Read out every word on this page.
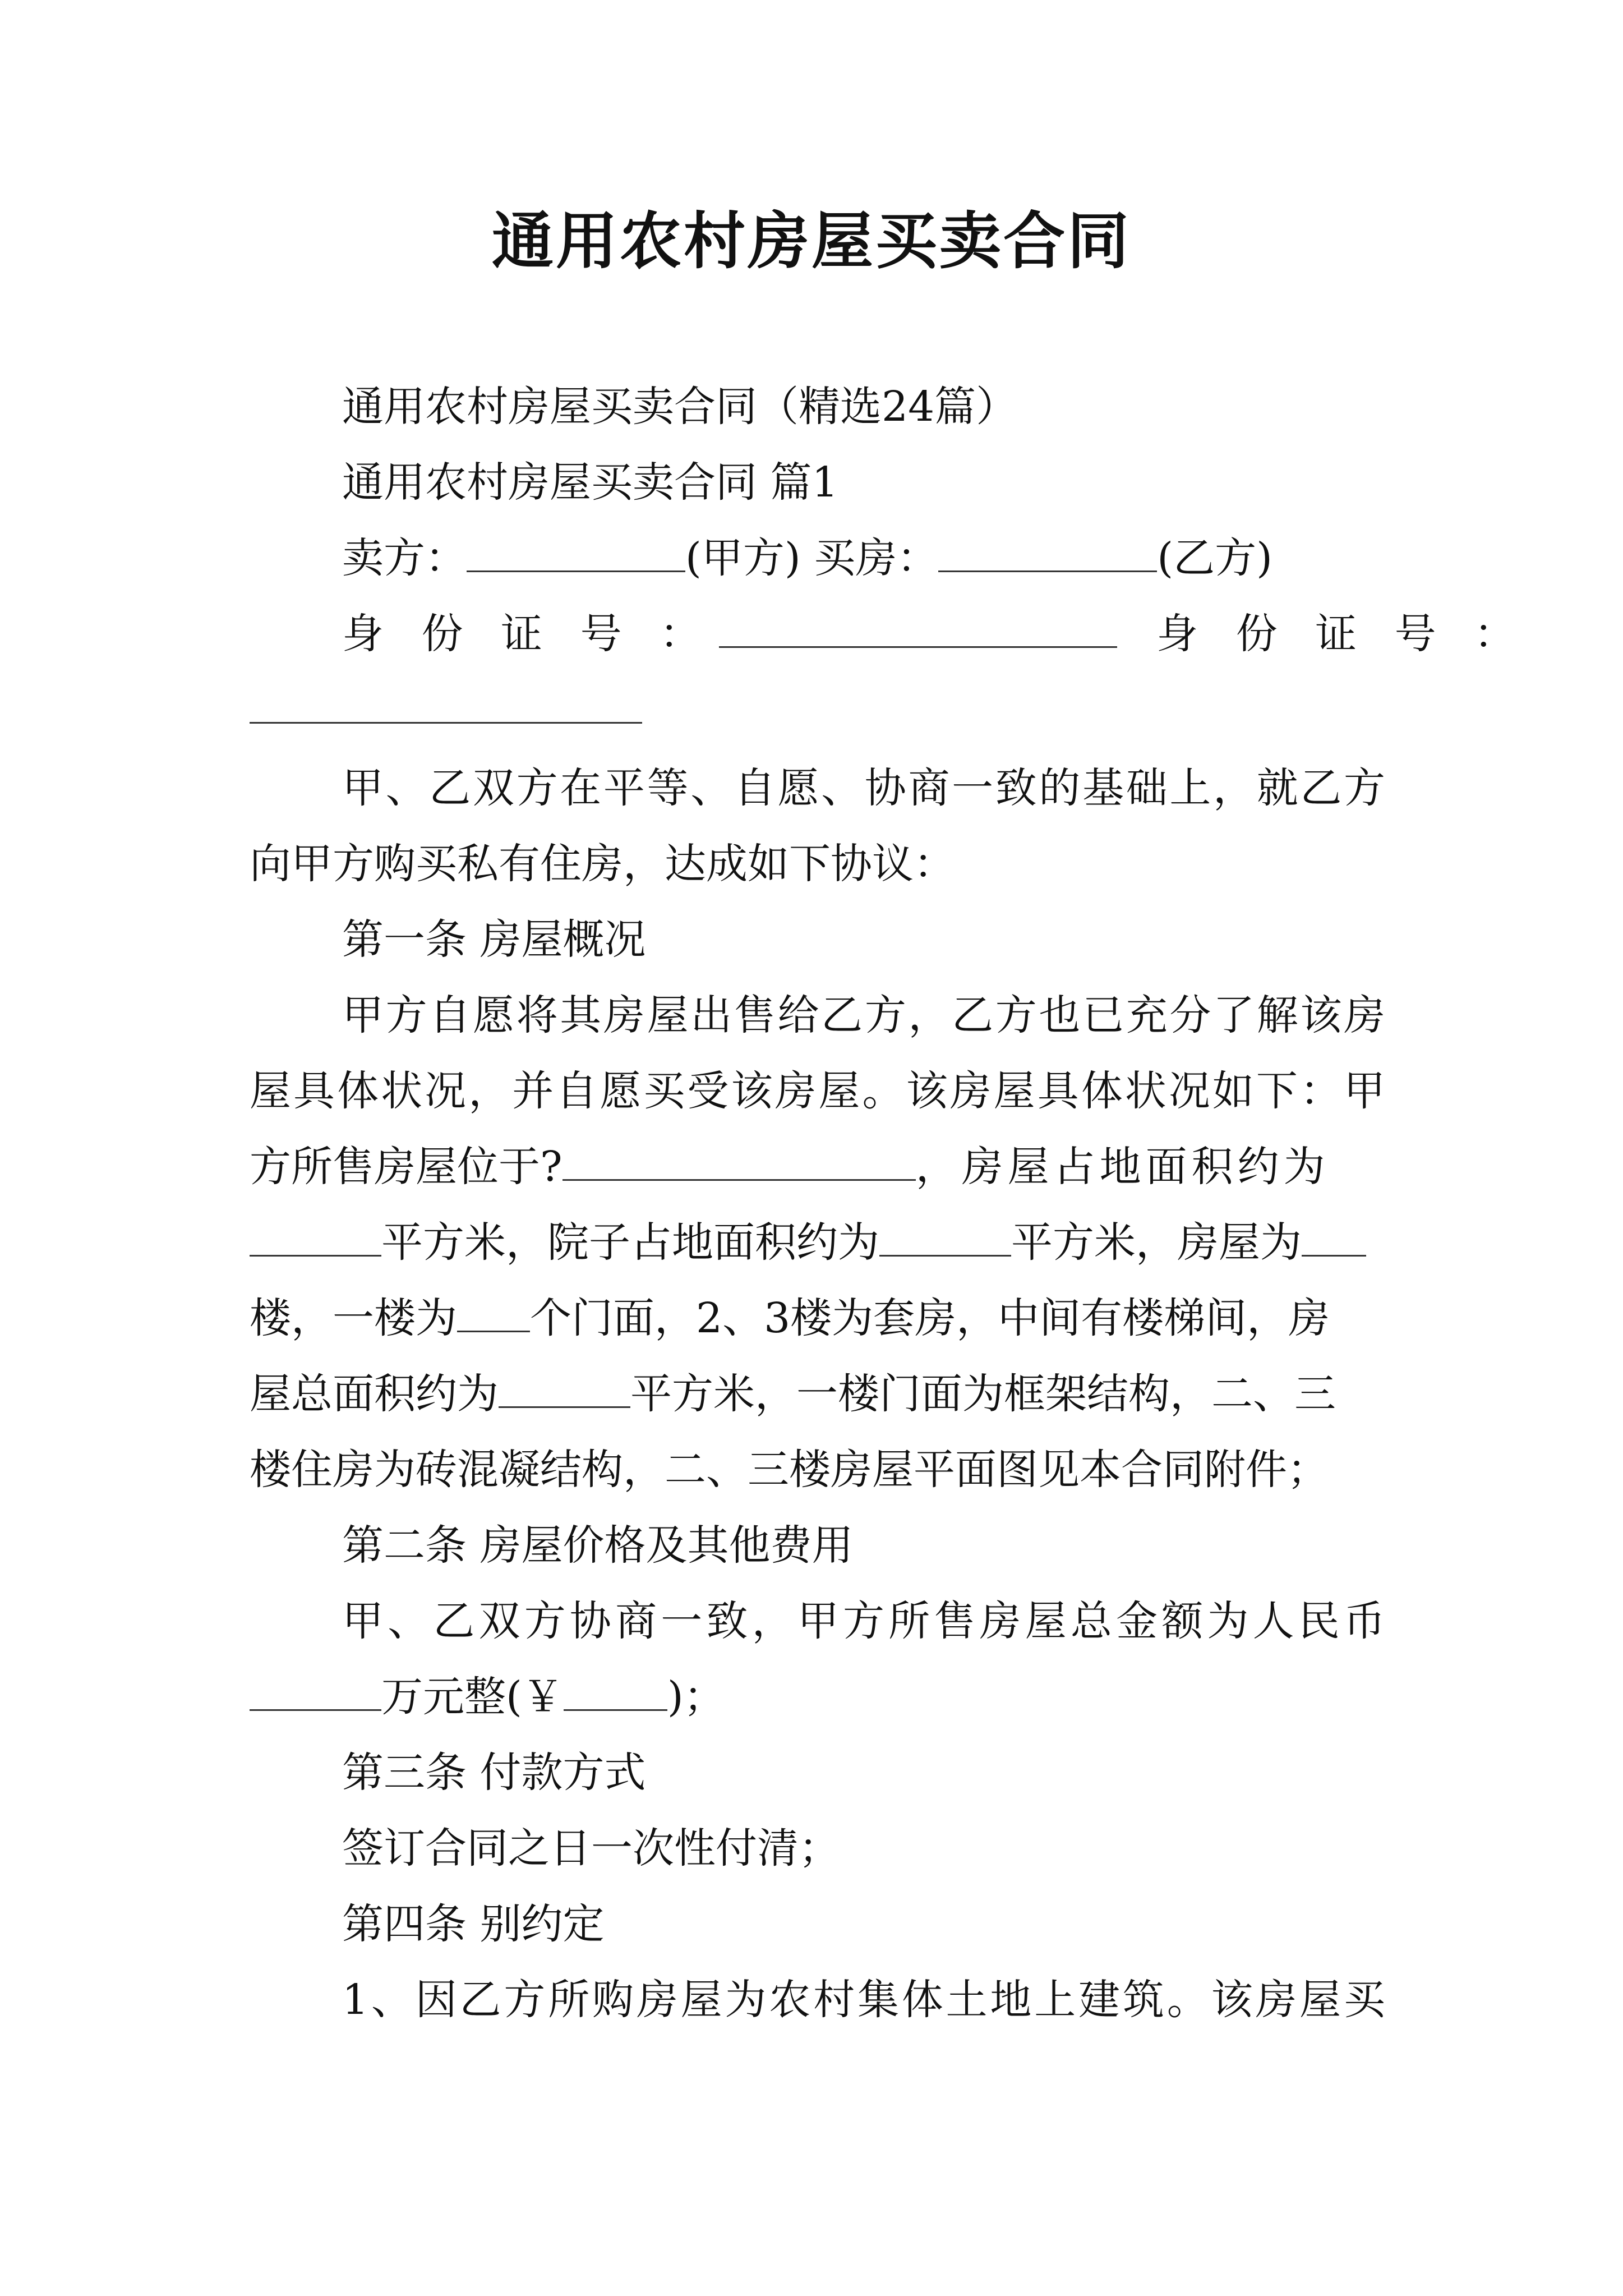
通用农村房屋买卖合同
通用农村房屋买卖合同（精选24篇）
通用农村房屋买卖合同 篇1
卖方：	(甲方) 买房：	(乙方)
身 份 证 号 ：	身 份 证 号 ：
甲、乙双方在平等、自愿、协商一致的基础上，就乙方
向甲方购买私有住房，达成如下协议：
第一条 房屋概况
甲方自愿将其房屋出售给乙方，乙方也已充分了解该房
屋具体状况，并自愿买受该房屋。该房屋具体状况如下：甲
方所售房屋位于?	，房屋占地面积约为
平方米，院子占地面积约为	平方米，房屋为
楼，一楼为 个门面，2、3楼为套房，中间有楼梯间，房
屋总面积约为	平方米，一楼门面为框架结构，二、三
楼住房为砖混凝结构，二、三楼房屋平面图见本合同附件；
第二条 房屋价格及其他费用
甲、乙双方协商一致，甲方所售房屋总金额为人民币
万元整(￥	)；
第三条 付款方式
签订合同之日一次性付清；
第四条 别约定
1、因乙方所购房屋为农村集体土地上建筑。该房屋买
